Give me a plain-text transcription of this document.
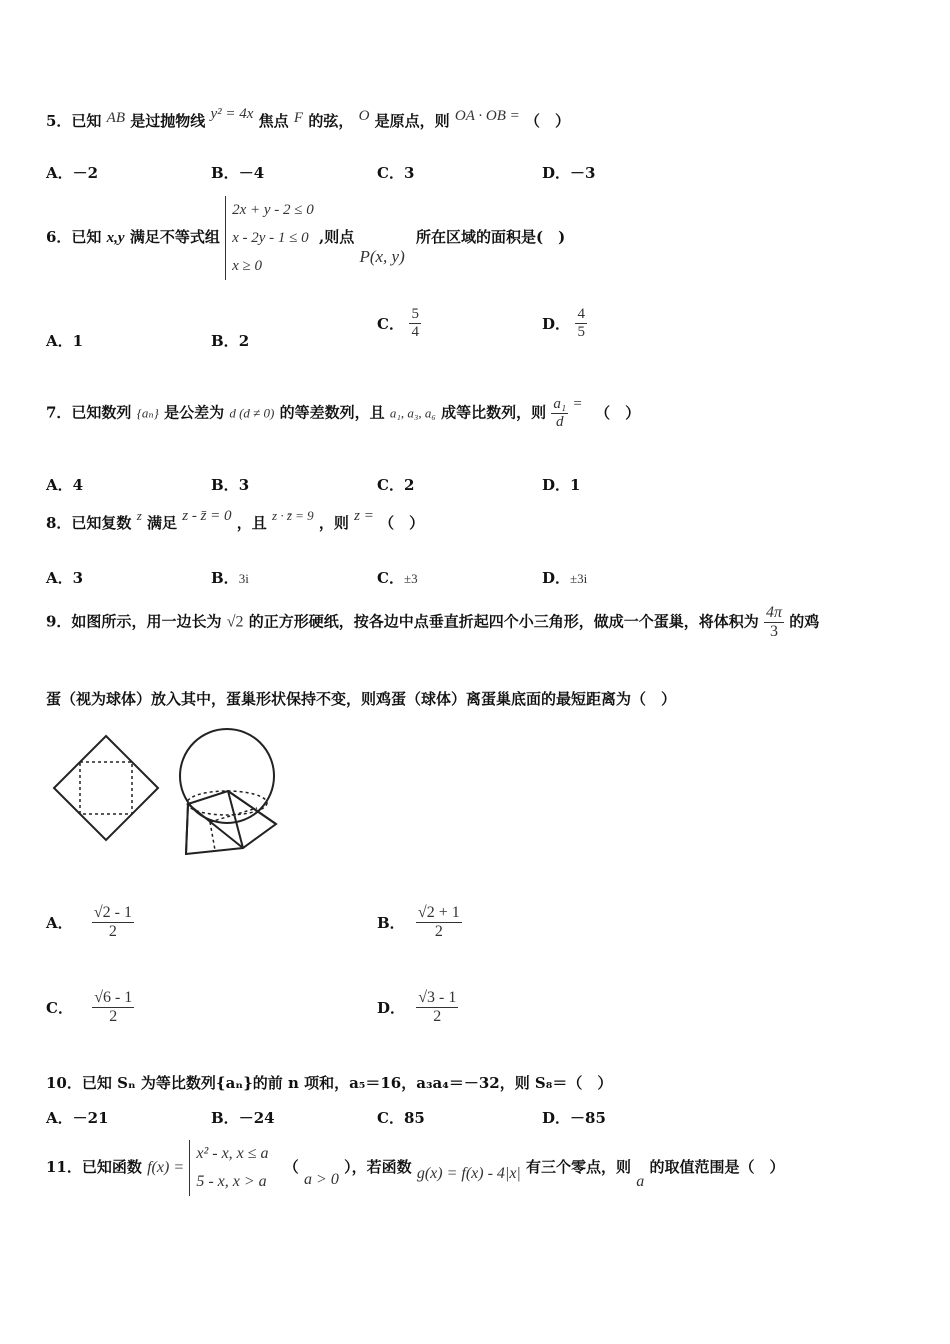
5．已知 AB 是过抛物线 y² = 4x 焦点 F 的弦， O 是原点，则 OA · OB = （　）
A．－2	B．－4	C．3	D．－3
6．已知 x,y 满足不等式组
2x + y - 2 ≤ 0
x - 2y - 1 ≤ 0
x ≥ 0
,则点 P(x, y) 所在区域的面积是(　)
A．1	B．2
C． $\frac{5}{4}$	D． $\frac{4}{5}$
7．已知数列 {aₙ} 是公差为 d (d ≠ 0) 的等差数列，且 a₁, a₃, a₆ 成等比数列，则 $\frac{\text{a₁}}{d}$ = （　）
A．4	B．3	C．2	D．1
8．已知复数 z 满足 z - z̄ = 0 ，且 z · z̄ = 9 ，则 z = （　）
A．3	B．3i	C．±3	D．±3i
9．如图所示，用一边长为 √2 的正方形硬纸，按各边中点垂直折起四个小三角形，做成一个蛋巢，将体积为 $\frac{4\pi}{3}$ 的鸡
蛋（视为球体）放入其中，蛋巢形状保持不变，则鸡蛋（球体）离蛋巢底面的最短距离为（　）
A． $\frac{√2 - 1}{2}$	B． $\frac{√2 + 1}{2}$
C． $\frac{√6 - 1}{2}$	D． $\frac{√3 - 1}{2}$
10．已知 Sₙ 为等比数列{aₙ}的前 n 项和，a₅＝16，a₃a₄＝－32，则 S₈＝（　）
A．－21	B．－24	C．85	D．－85
11．已知函数 f(x) =
x² - x, x ≤ a
5 - x, x > a
（ a > 0 ），若函数 g(x) = f(x) - 4|x| 有三个零点，则 a 的取值范围是（　）
